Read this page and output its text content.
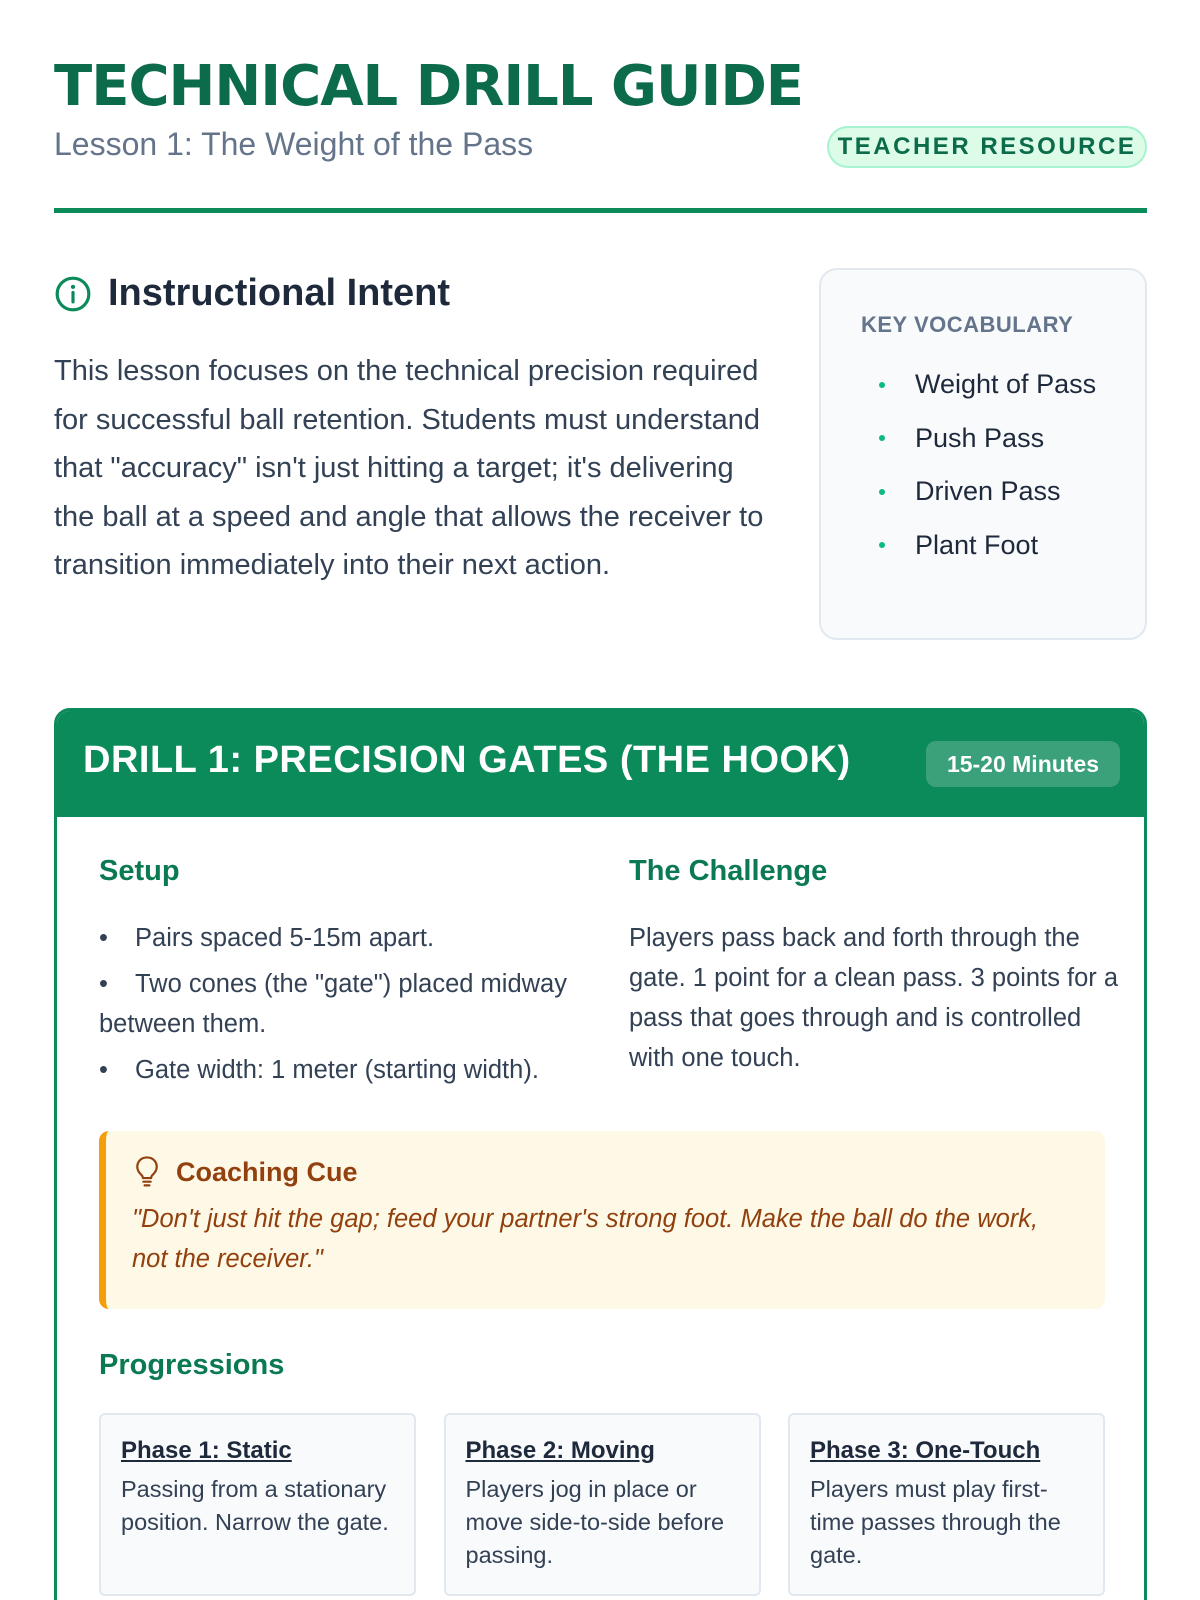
TECHNICAL DRILL GUIDE
Lesson 1: The Weight of the Pass	TEACHER RESOURCE
Instructional Intent

This lesson focuses on the technical precision required for successful ball retention. Students must understand that "accuracy" isn't just hitting a target; it's delivering the ball at a speed and angle that allows the receiver to transition immediately into their next action.

KEY VOCABULARY
Weight of Pass
Push Pass
Driven Pass
Plant Foot
DRILL 1: PRECISION GATES (THE HOOK)	15-20 Minutes
Setup
• Pairs spaced 5-15m apart.
• Two cones (the "gate") placed midway between them.
• Gate width: 1 meter (starting width).
The Challenge

Players pass back and forth through the gate. 1 point for a clean pass. 3 points for a pass that goes through and is controlled with one touch.

Coaching Cue

"Don't just hit the gap; feed your partner's strong foot. Make the ball do the work, not the receiver."

Progressions
Phase 1: Static
Passing from a stationary position. Narrow the gate.
Phase 2: Moving
Players jog in place or move side-to-side before passing.
Phase 3: One-Touch
Players must play first-time passes through the gate.
